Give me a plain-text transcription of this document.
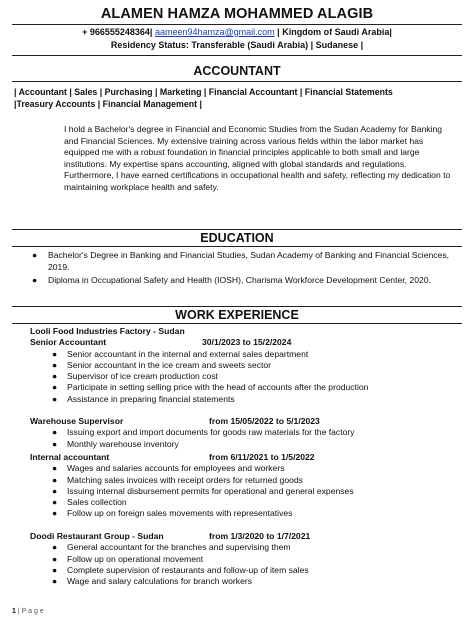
ALAMEN HAMZA MOHAMMED ALAGIB
+ 966555248364| aameen94hamza@gmail.com | Kingdom of Saudi Arabia|
Residency Status: Transferable (Saudi Arabia) | Sudanese |
ACCOUNTANT
| Accountant | Sales | Purchasing | Marketing | Financial Accountant | Financial Statements
|Treasury Accounts | Financial Management |
I hold a Bachelor's degree in Financial and Economic Studies from the Sudan Academy for Banking and Financial Sciences. My extensive training across various fields within the labor market has equipped me with a robust foundation in financial principles applicable to both small and large institutions. My expertise spans accounting, aligned with global standards and regulations. Furthermore, I have earned certifications in occupational health and safety, reflecting my dedication to maintaining workplace health and safety.
EDUCATION
● Bachelor's Degree in Banking and Financial Studies, Sudan Academy of Banking and Financial Sciences, 2019.
● Diploma in Occupational Safety and Health (IOSH), Charisma Workforce Development Center, 2020.
WORK EXPERIENCE
Looli Food Industries Factory - Sudan
Senior Accountant	30/1/2023 to 15/2/2024
● Senior accountant in the internal and external sales department
● Senior accountant in the ice cream and sweets sector
● Supervisor of ice cream production cost
● Participate in setting selling price with the head of accounts after the production
● Assistance in preparing financial statements
Warehouse Supervisor	from 15/05/2022 to 5/1/2023
● Issuing export and import documents for goods raw materials for the factory
● Monthly warehouse inventory
Internal accountant	from 6/11/2021 to 1/5/2022
● Wages and salaries accounts for employees and workers
● Matching sales invoices with receipt orders for returned goods
● Issuing internal disbursement permits for operational and general expenses
● Sales collection
● Follow up on foreign sales movements with representatives
Doodi Restaurant Group - Sudan	from 1/3/2020 to 1/7/2021
● General accountant for the branches and supervising them
● Follow up on operational movement
● Complete supervision of restaurants and follow-up of item sales
● Wage and salary calculations for branch workers
1 | P a g e
